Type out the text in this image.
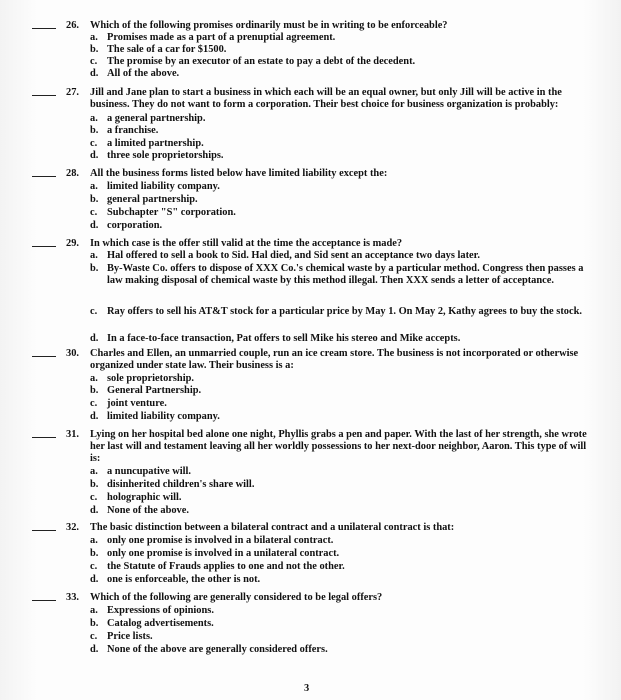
26. Which of the following promises ordinarily must be in writing to be enforceable?
a. Promises made as a part of a prenuptial agreement.
b. The sale of a car for $1500.
c. The promise by an executor of an estate to pay a debt of the decedent.
d. All of the above.
27. Jill and Jane plan to start a business in which each will be an equal owner, but only Jill will be active in the business. They do not want to form a corporation. Their best choice for business organization is probably:
a. a general partnership.
b. a franchise.
c. a limited partnership.
d. three sole proprietorships.
28. All the business forms listed below have limited liability except the:
a. limited liability company.
b. general partnership.
c. Subchapter "S" corporation.
d. corporation.
29. In which case is the offer still valid at the time the acceptance is made?
a. Hal offered to sell a book to Sid. Hal died, and Sid sent an acceptance two days later.
b. By-Waste Co. offers to dispose of XXX Co.'s chemical waste by a particular method. Congress then passes a law making disposal of chemical waste by this method illegal. Then XXX sends a letter of acceptance.
c. Ray offers to sell his AT&T stock for a particular price by May 1. On May 2, Kathy agrees to buy the stock.
d. In a face-to-face transaction, Pat offers to sell Mike his stereo and Mike accepts.
30. Charles and Ellen, an unmarried couple, run an ice cream store. The business is not incorporated or otherwise organized under state law. Their business is a:
a. sole proprietorship.
b. General Partnership.
c. joint venture.
d. limited liability company.
31. Lying on her hospital bed alone one night, Phyllis grabs a pen and paper. With the last of her strength, she wrote her last will and testament leaving all her worldly possessions to her next-door neighbor, Aaron. This type of will is:
a. a nuncupative will.
b. disinherited children's share will.
c. holographic will.
d. None of the above.
32. The basic distinction between a bilateral contract and a unilateral contract is that:
a. only one promise is involved in a bilateral contract.
b. only one promise is involved in a unilateral contract.
c. the Statute of Frauds applies to one and not the other.
d. one is enforceable, the other is not.
33. Which of the following are generally considered to be legal offers?
a. Expressions of opinions.
b. Catalog advertisements.
c. Price lists.
d. None of the above are generally considered offers.
3
